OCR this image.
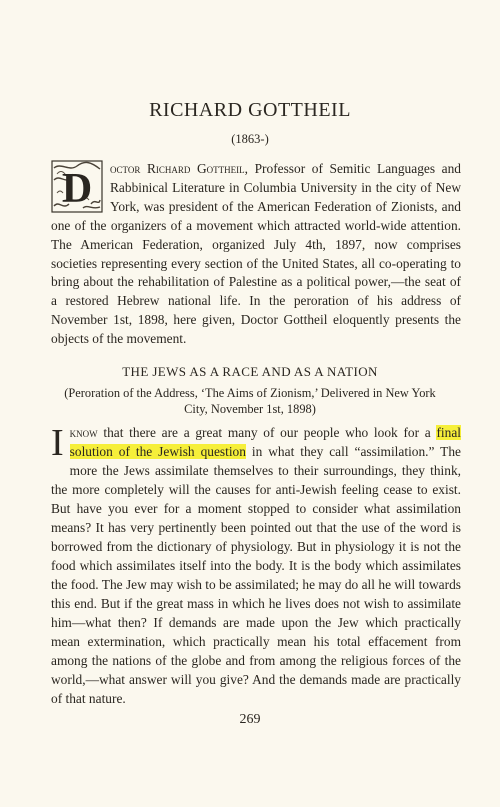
RICHARD GOTTHEIL
(1863-)
D octor Richard Gottheil, Professor of Semitic Languages and Rabbinical Literature in Columbia University in the city of New York, was president of the American Federation of Zionists, and one of the organizers of a movement which attracted world-wide attention. The American Federation, organized July 4th, 1897, now comprises societies representing every section of the United States, all co-operating to bring about the rehabilitation of Palestine as a political power,—the seat of a restored Hebrew national life. In the peroration of his address of November 1st, 1898, here given, Doctor Gottheil eloquently presents the objects of the movement.
THE JEWS AS A RACE AND AS A NATION
(Peroration of the Address, ‘The Aims of Zionism,’ Delivered in New York City, November 1st, 1898)
Iknow that there are a great many of our people who look for a final solution of the Jewish question in what they call “assimilation.” The more the Jews assimilate themselves to their surroundings, they think, the more completely will the causes for anti-Jewish feeling cease to exist. But have you ever for a moment stopped to consider what assimilation means? It has very pertinently been pointed out that the use of the word is borrowed from the dictionary of physiology. But in physiology it is not the food which assimilates itself into the body. It is the body which assimilates the food. The Jew may wish to be assimilated; he may do all he will towards this end. But if the great mass in which he lives does not wish to assimilate him—what then? If demands are made upon the Jew which practically mean extermination, which practically mean his total effacement from among the nations of the globe and from among the religious forces of the world,—what answer will you give? And the demands made are practically of that nature.
269
